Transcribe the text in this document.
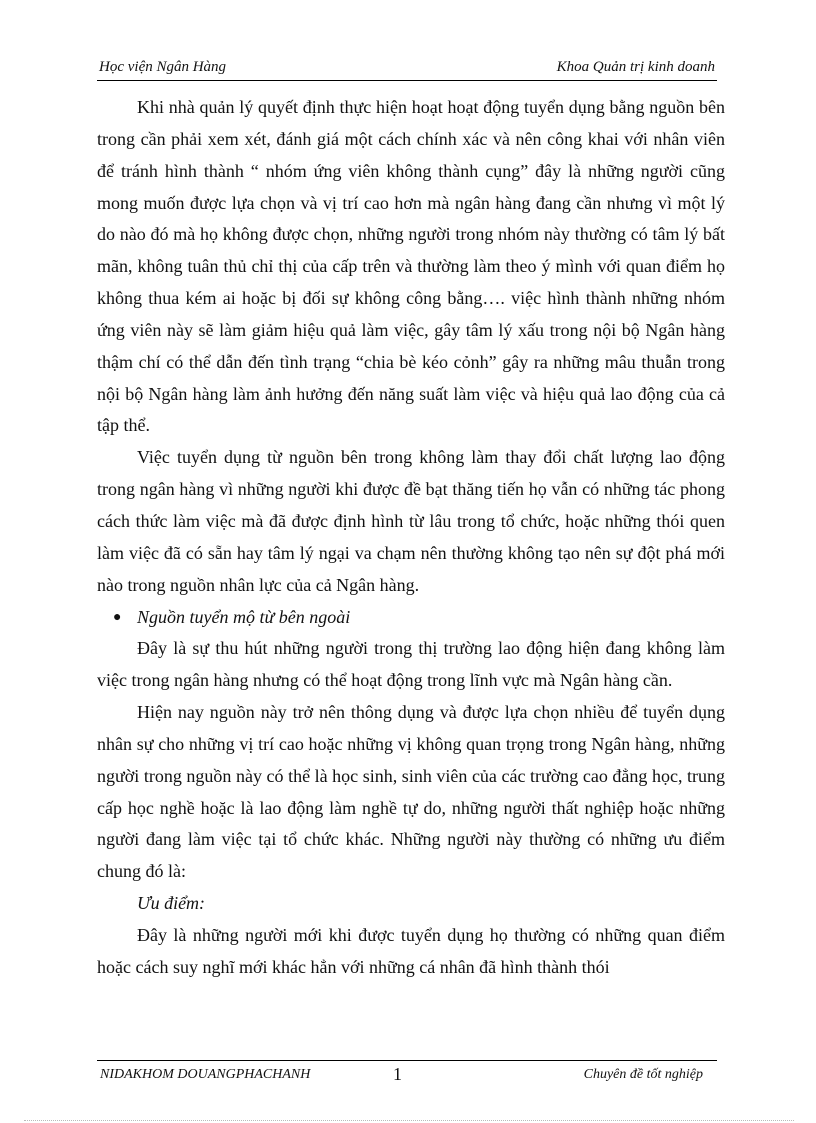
Học viện Ngân Hàng	Khoa Quản trị kinh doanh

Khi nhà quản lý quyết định thực hiện hoạt hoạt động tuyển dụng bằng nguồn bên trong cần phải xem xét, đánh giá một cách chính xác và nên công khai với nhân viên để tránh hình thành “ nhóm ứng viên không thành cụng” đây là những người cũng mong muốn được lựa chọn và vị trí cao hơn mà ngân hàng đang cần nhưng vì một lý do nào đó mà họ không được chọn, những người trong nhóm này thường có tâm lý bất mãn, không tuân thủ chỉ thị của cấp trên và thường làm theo ý mình với quan điểm họ không thua kém ai hoặc bị đối sự không công bằng…. việc hình thành những nhóm ứng viên này sẽ làm giảm hiệu quả làm việc, gây tâm lý xấu trong nội bộ Ngân hàng thậm chí có thể dẫn đến tình trạng “chia bè kéo cỏnh” gây ra những mâu thuẫn trong nội bộ Ngân hàng làm ảnh hưởng đến năng suất làm việc và hiệu quả lao động của cả tập thể.

Việc tuyển dụng từ nguồn bên trong không làm thay đổi chất lượng lao động trong ngân hàng vì những người khi được đề bạt thăng tiến họ vẫn có những tác phong cách thức làm việc mà đã được định hình từ lâu trong tổ chức, hoặc những thói quen làm việc đã có sẵn hay tâm lý ngại va chạm nên thường không tạo nên sự đột phá mới nào trong nguồn nhân lực của cả Ngân hàng.

● Nguồn tuyển mộ từ bên ngoài

Đây là sự thu hút những người trong thị trường lao động hiện đang không làm việc trong ngân hàng nhưng có thể hoạt động trong lĩnh vực mà Ngân hàng cần.

Hiện nay nguồn này trở nên thông dụng và được lựa chọn nhiều để tuyển dụng nhân sự cho những vị trí cao hoặc những vị không quan trọng trong Ngân hàng, những người trong nguồn này có thể là học sinh, sinh viên của các trường cao đẳng học, trung cấp học nghề hoặc là lao động làm nghề tự do, những người thất nghiệp hoặc những người đang làm việc tại tổ chức khác. Những người này thường có những ưu điểm chung đó là:

Ưu điểm:

Đây là những người mới khi được tuyển dụng họ thường có những quan điểm hoặc cách suy nghĩ mới khác hẳn với những cá nhân đã hình thành thói

NIDAKHOM DOUANGPHACHANH	1	Chuyên đề tốt nghiệp
